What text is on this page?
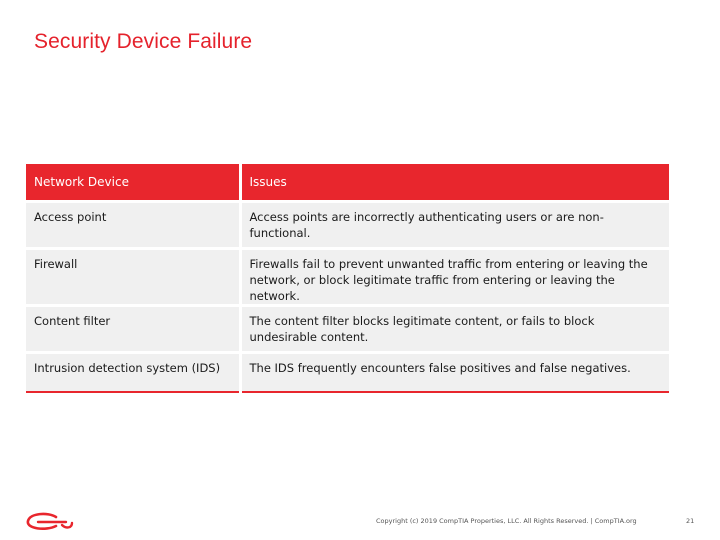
Security Device Failure
Network Device	Issues
Access point	Access points are incorrectly authenticating users or are non-functional.
Firewall	Firewalls fail to prevent unwanted traffic from entering or leaving the network, or block legitimate traffic from entering or leaving the network.
Content filter	The content filter blocks legitimate content, or fails to block undesirable content.
Intrusion detection system (IDS)	The IDS frequently encounters false positives and false negatives.
Copyright (c) 2019 CompTIA Properties, LLC. All Rights Reserved. | CompTIA.org	21
